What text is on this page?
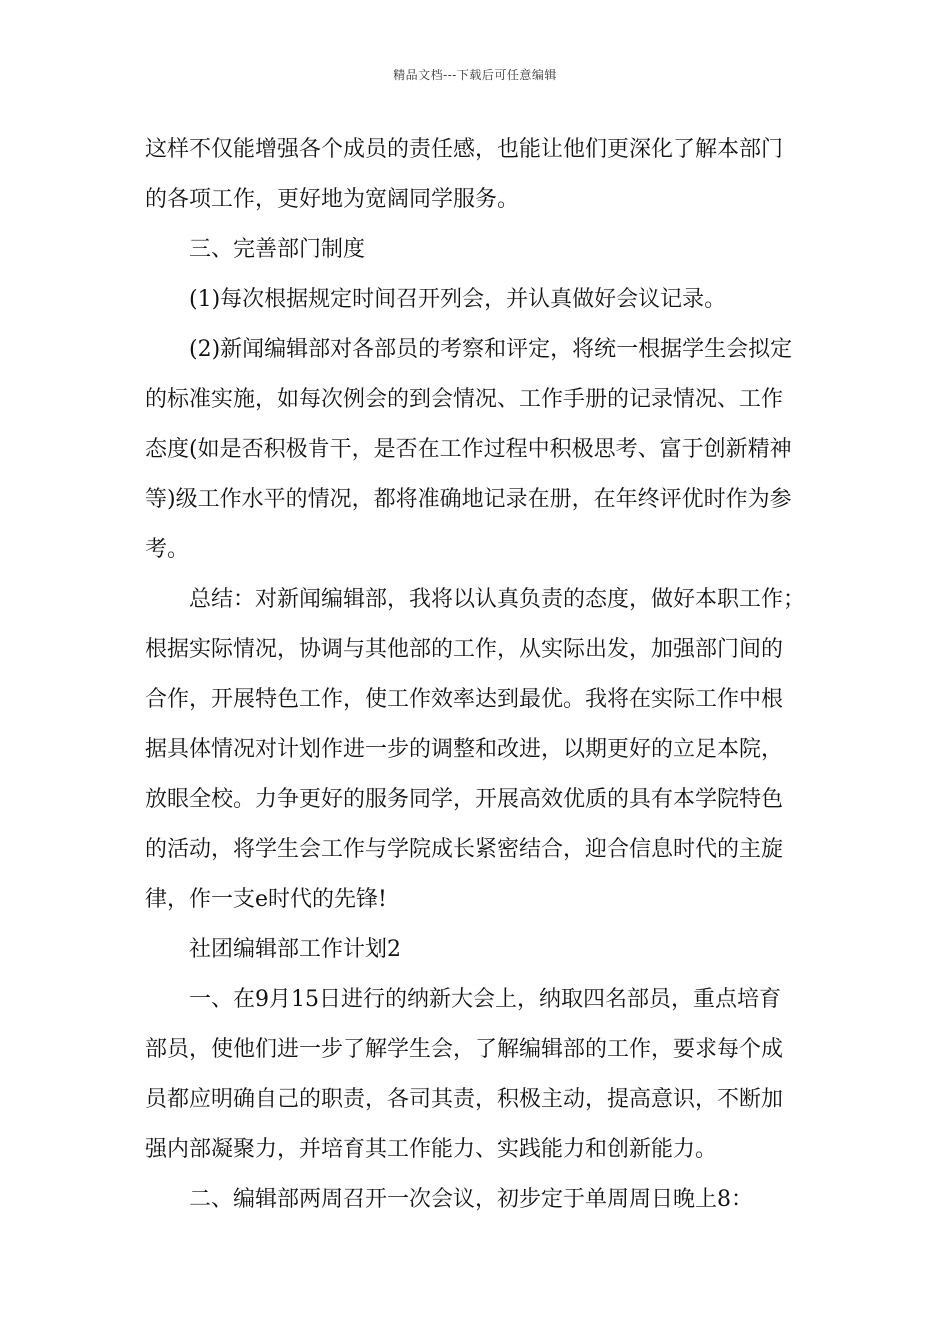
精品文档---下载后可任意编辑
这样不仅能增强各个成员的责任感，也能让他们更深化了解本部门
的各项工作，更好地为宽阔同学服务。
三、完善部门制度
(1)每次根据规定时间召开列会，并认真做好会议记录。
(2)新闻编辑部对各部员的考察和评定，将统一根据学生会拟定
的标准实施，如每次例会的到会情况、工作手册的记录情况、工作
态度(如是否积极肯干，是否在工作过程中积极思考、富于创新精神
等)级工作水平的情况，都将准确地记录在册，在年终评优时作为参
考。
总结：对新闻编辑部，我将以认真负责的态度，做好本职工作；
根据实际情况，协调与其他部的工作，从实际出发，加强部门间的
合作，开展特色工作，使工作效率达到最优。我将在实际工作中根
据具体情况对计划作进一步的调整和改进，以期更好的立足本院，
放眼全校。力争更好的服务同学，开展高效优质的具有本学院特色
的活动，将学生会工作与学院成长紧密结合，迎合信息时代的主旋
律，作一支e时代的先锋!
社团编辑部工作计划2
一、在9月15日进行的纳新大会上，纳取四名部员，重点培育
部员，使他们进一步了解学生会，了解编辑部的工作，要求每个成
员都应明确自己的职责，各司其责，积极主动，提高意识，不断加
强内部凝聚力，并培育其工作能力、实践能力和创新能力。
二、编辑部两周召开一次会议，初步定于单周周日晚上8：
